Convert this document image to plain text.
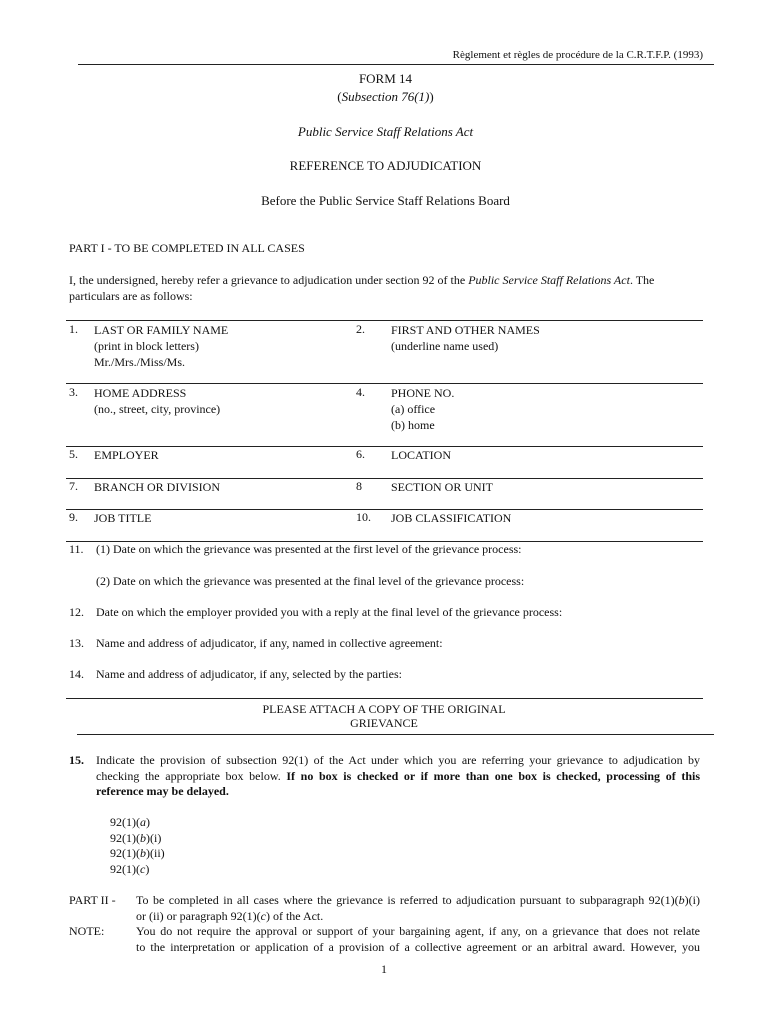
Règlement et règles de procédure de la C.R.T.F.P. (1993)
FORM 14
(Subsection 76(1))
Public Service Staff Relations Act
REFERENCE TO ADJUDICATION
Before the Public Service Staff Relations Board
PART I - TO BE COMPLETED IN ALL CASES
I, the undersigned, hereby refer a grievance to adjudication under section 92 of the Public Service Staff Relations Act. The
particulars are as follows:
1. LAST OR FAMILY NAME
(print in block letters)
Mr./Mrs./Miss/Ms.
2. FIRST AND OTHER NAMES
(underline name used)
3. HOME ADDRESS
(no., street, city, province)
4. PHONE NO.
(a) office
(b) home
5. EMPLOYER	6. LOCATION
7. BRANCH OR DIVISION	8 SECTION OR UNIT
9. JOB TITLE	10. JOB CLASSIFICATION
11. (1) Date on which the grievance was presented at the first level of the grievance process:
(2) Date on which the grievance was presented at the final level of the grievance process:
12. Date on which the employer provided you with a reply at the final level of the grievance process:
13. Name and address of adjudicator, if any, named in collective agreement:
14. Name and address of adjudicator, if any, selected by the parties:
PLEASE ATTACH A COPY OF THE ORIGINAL
GRIEVANCE
15. Indicate the provision of subsection 92(1) of the Act under which you are referring your grievance to adjudication by
checking the appropriate box below. If no box is checked or if more than one box is checked, processing of this
reference may be delayed.
92(1)(a)
92(1)(b)(i)
92(1)(b)(ii)
92(1)(c)
PART II - To be completed in all cases where the grievance is referred to adjudication pursuant to subparagraph 92(1)(b)(i)
or (ii) or paragraph 92(1)(c) of the Act.
NOTE:	You do not require the approval or support of your bargaining agent, if any, on a grievance that does not relate
to the interpretation or application of a provision of a collective agreement or an arbitral award. However, you
1
